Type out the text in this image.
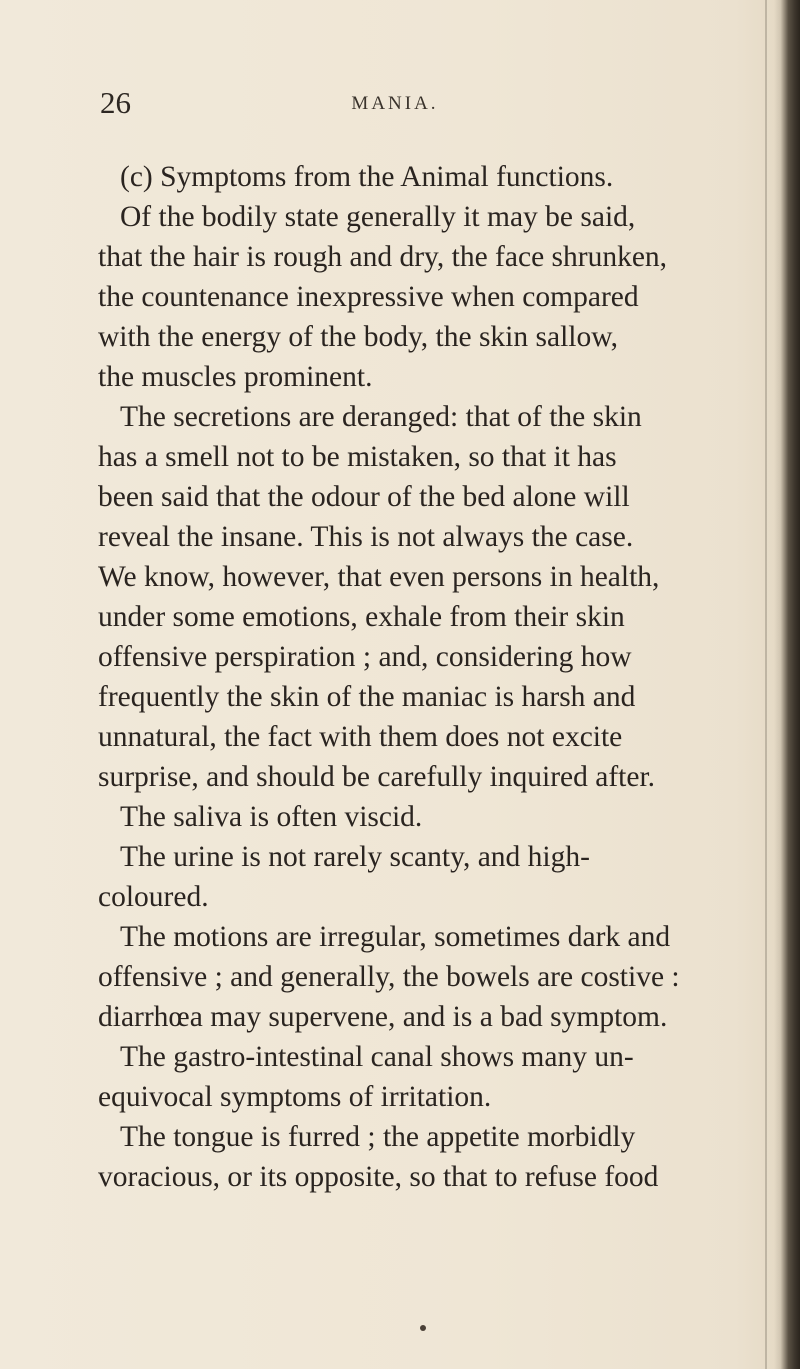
26	MANIA.
(c) Symptoms from the Animal functions.
Of the bodily state generally it may be said,
that the hair is rough and dry, the face shrunken,
the countenance inexpressive when compared
with the energy of the body, the skin sallow,
the muscles prominent.
The secretions are deranged: that of the skin
has a smell not to be mistaken, so that it has
been said that the odour of the bed alone will
reveal the insane. This is not always the case.
We know, however, that even persons in health,
under some emotions, exhale from their skin
offensive perspiration ; and, considering how
frequently the skin of the maniac is harsh and
unnatural, the fact with them does not excite
surprise, and should be carefully inquired after.
The saliva is often viscid.
The urine is not rarely scanty, and high-
coloured.
The motions are irregular, sometimes dark and
offensive ; and generally, the bowels are costive :
diarrhœa may supervene, and is a bad symptom.
The gastro-intestinal canal shows many un-
equivocal symptoms of irritation.
The tongue is furred ; the appetite morbidly
voracious, or its opposite, so that to refuse food
